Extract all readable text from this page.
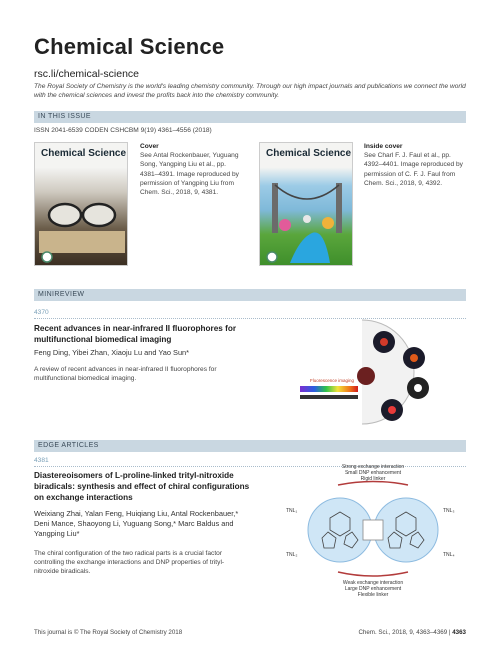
Chemical Science
rsc.li/chemical-science
The Royal Society of Chemistry is the world's leading chemistry community. Through our high impact journals and publications we connect the world with the chemical sciences and invest the profits back into the chemistry community.
IN THIS ISSUE
ISSN 2041-6539 CODEN CSHCBM 9(19) 4361–4556 (2018)
Chemical Science
Cover
See Antal Rockenbauer, Yuguang Song, Yangping Liu et al., pp. 4381–4391. Image reproduced by permission of Yangping Liu from Chem. Sci., 2018, 9, 4381.
Chemical Science
Inside cover
See Charl F. J. Faul et al., pp. 4392–4401. Image reproduced by permission of C. F. J. Faul from Chem. Sci., 2018, 9, 4392.
MINIREVIEW
4370
Recent advances in near-infrared II fluorophores for multifunctional biomedical imaging
Feng Ding, Yibei Zhan, Xiaoju Lu and Yao Sun*
A review of recent advances in near-infrared II fluorophores for multifunctional biomedical imaging.	Fluorescence imaging
EDGE ARTICLES
4381
Diastereoisomers of L-proline-linked trityl-nitroxide biradicals: synthesis and effect of chiral configurations on exchange interactions
Weixiang Zhai, Yalan Feng, Huiqiang Liu, Antal Rockenbauer,* Deni Mance, Shaoyong Li, Yuguang Song,* Marc Baldus and Yangping Liu*
The chiral configuration of the two radical parts is a crucial factor controlling the exchange interactions and DNP properties of trityl-nitroxide biradicals.
Strong exchange interaction
Small DNP enhancement
Rigid linker
TNL₁	TNL₃
TNL₂	TNL₄
Weak exchange interaction
Large DNP enhancement
Flexible linker
This journal is © The Royal Society of Chemistry 2018	Chem. Sci., 2018, 9, 4363–4369 | 4363
